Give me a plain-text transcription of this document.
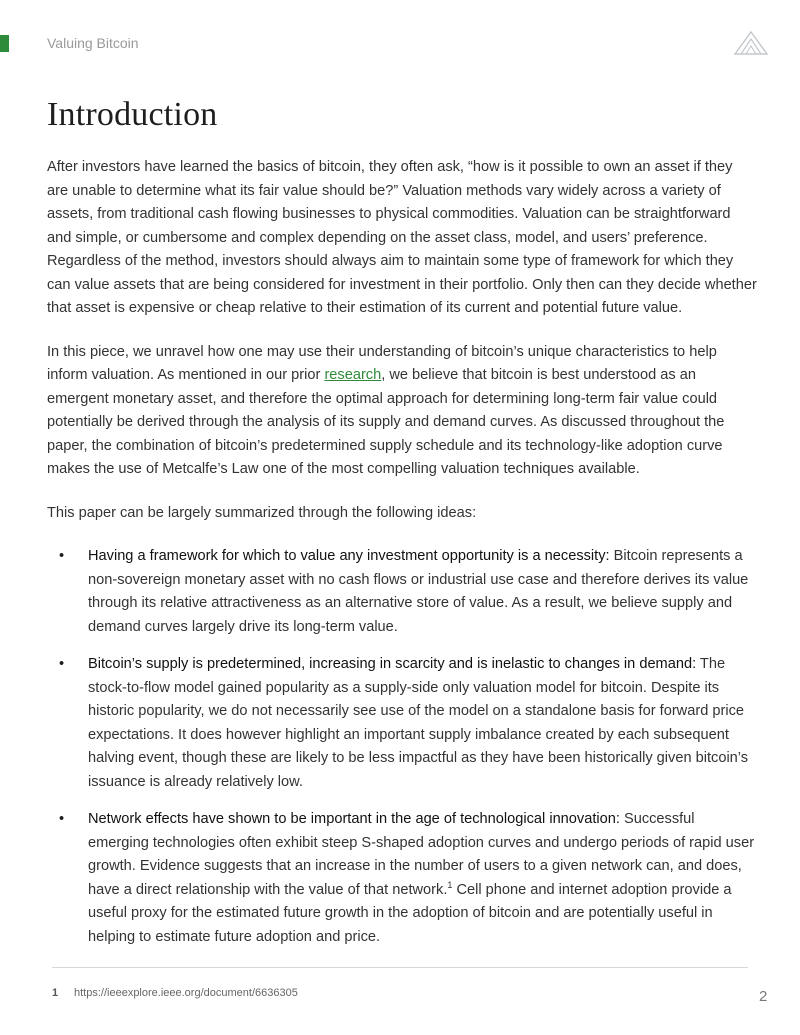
Valuing Bitcoin
Introduction

After investors have learned the basics of bitcoin, they often ask, “how is it possible to own an asset if they are unable to determine what its fair value should be?” Valuation methods vary widely across a variety of assets, from traditional cash flowing businesses to physical commodities. Valuation can be straightforward and simple, or cumbersome and complex depending on the asset class, model, and users’ preference. Regardless of the method, investors should always aim to maintain some type of framework for which they can value assets that are being considered for investment in their portfolio. Only then can they decide whether that asset is expensive or cheap relative to their estimation of its current and potential future value.

In this piece, we unravel how one may use their understanding of bitcoin’s unique characteristics to help inform valuation. As mentioned in our prior research, we believe that bitcoin is best understood as an emergent monetary asset, and therefore the optimal approach for determining long-term fair value could potentially be derived through the analysis of its supply and demand curves. As discussed throughout the paper, the combination of bitcoin’s predetermined supply schedule and its technology-like adoption curve makes the use of Metcalfe’s Law one of the most compelling valuation techniques available.

This paper can be largely summarized through the following ideas:

• Having a framework for which to value any investment opportunity is a necessity: Bitcoin represents a non-sovereign monetary asset with no cash flows or industrial use case and therefore derives its value through its relative attractiveness as an alternative store of value. As a result, we believe supply and demand curves largely drive its long-term value.
• Bitcoin’s supply is predetermined, increasing in scarcity and is inelastic to changes in demand: The stock-to-flow model gained popularity as a supply-side only valuation model for bitcoin. Despite its historic popularity, we do not necessarily see use of the model on a standalone basis for forward price expectations. It does however highlight an important supply imbalance created by each subsequent halving event, though these are likely to be less impactful as they have been historically given bitcoin’s issuance is already relatively low.
• Network effects have shown to be important in the age of technological innovation: Successful emerging technologies often exhibit steep S-shaped adoption curves and undergo periods of rapid user growth. Evidence suggests that an increase in the number of users to a given network can, and does, have a direct relationship with the value of that network.$^1$ Cell phone and internet adoption provide a useful proxy for the estimated future growth in the adoption of bitcoin and are potentially useful in helping to estimate future adoption and price.
1 https://ieeexplore.ieee.org/document/6636305	2
